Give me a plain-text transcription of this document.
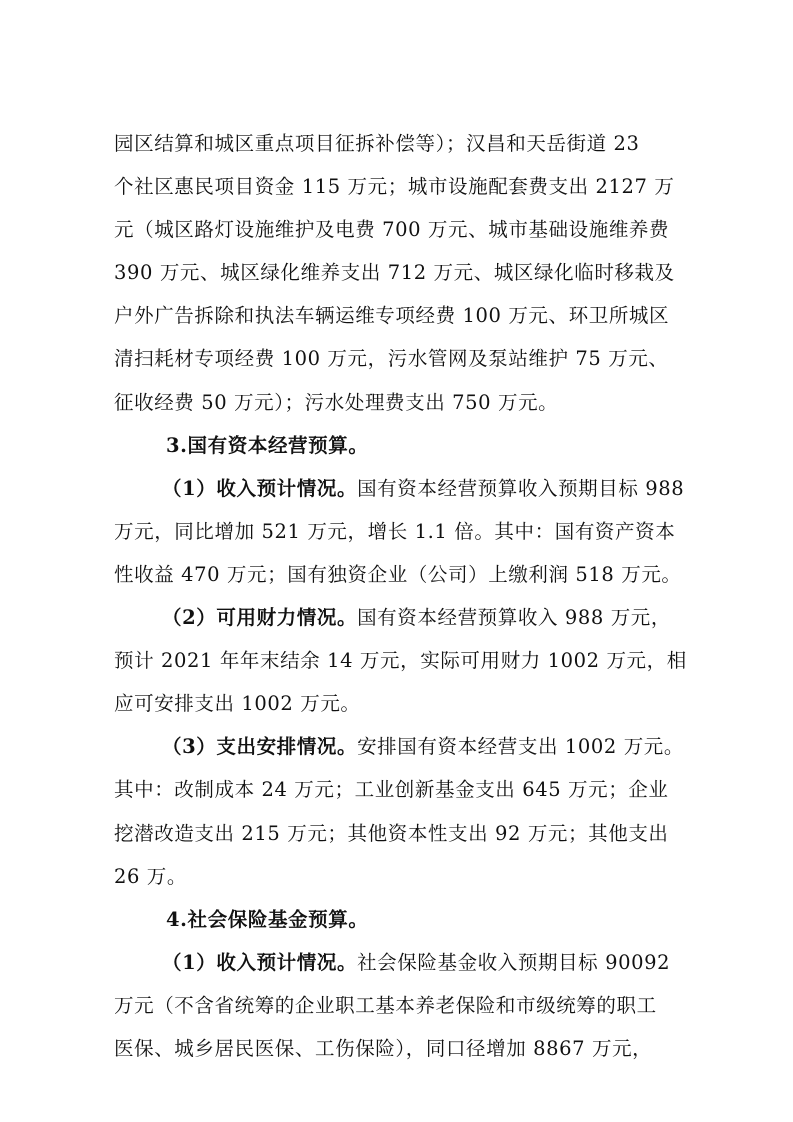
园区结算和城区重点项目征拆补偿等）；汉昌和天岳街道 23
个社区惠民项目资金 115 万元；城市设施配套费支出 2127 万
元（城区路灯设施维护及电费 700 万元、城市基础设施维养费
390 万元、城区绿化维养支出 712 万元、城区绿化临时移栽及
户外广告拆除和执法车辆运维专项经费 100 万元、环卫所城区
清扫耗材专项经费 100 万元，污水管网及泵站维护 75 万元、
征收经费 50 万元）；污水处理费支出 750 万元。
3.国有资本经营预算。
（1）收入预计情况。国有资本经营预算收入预期目标 988
万元，同比增加 521 万元，增长 1.1 倍。其中：国有资产资本
性收益 470 万元；国有独资企业（公司）上缴利润 518 万元。
（2）可用财力情况。国有资本经营预算收入 988 万元，
预计 2021 年年末结余 14 万元，实际可用财力 1002 万元，相
应可安排支出 1002 万元。
（3）支出安排情况。安排国有资本经营支出 1002 万元。
其中：改制成本 24 万元；工业创新基金支出 645 万元；企业
挖潜改造支出 215 万元；其他资本性支出 92 万元；其他支出
26 万。
4.社会保险基金预算。
（1）收入预计情况。社会保险基金收入预期目标 90092
万元（不含省统筹的企业职工基本养老保险和市级统筹的职工
医保、城乡居民医保、工伤保险），同口径增加 8867 万元，
